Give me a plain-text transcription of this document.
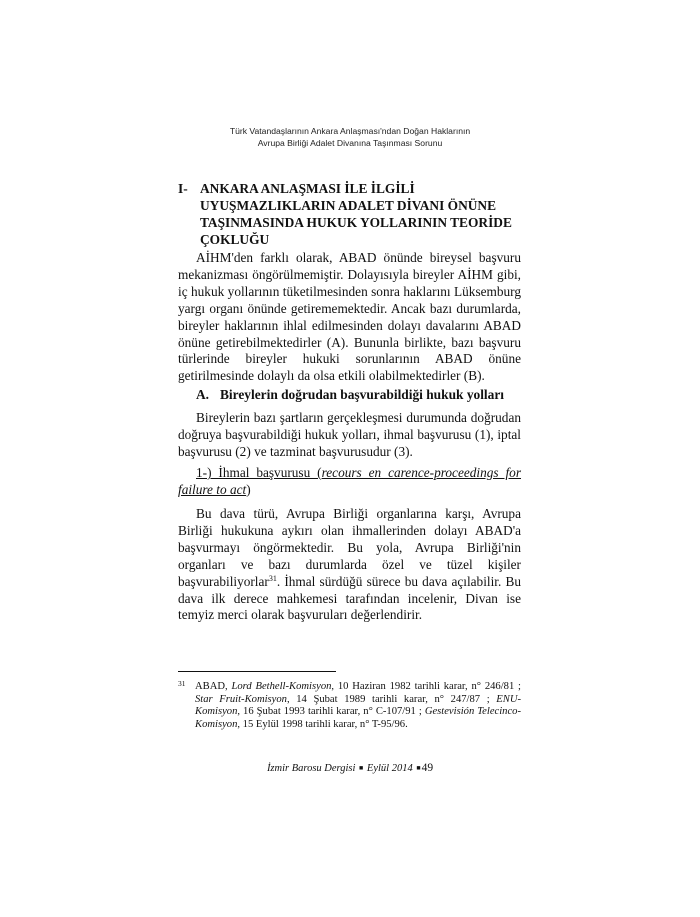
Türk Vatandaşlarının Ankara Anlaşması'ndan Doğan Haklarının
Avrupa Birliği Adalet Divanına Taşınması Sorunu
I- ANKARA ANLAŞMASI İLE İLGİLİ
UYUŞMAZLIKLARIN ADALET DİVANI ÖNÜNE
TAŞINMASINDA HUKUK YOLLARININ TEORİDE
ÇOKLUĞU

AİHM'den farklı olarak, ABAD önünde bireysel başvuru mekanizması öngörülmemiştir. Dolayısıyla bireyler AİHM gibi, iç hukuk yollarının tüketilmesinden sonra haklarını Lüksemburg yargı organı önünde getirememektedir. Ancak bazı durumlarda, bireyler haklarının ihlal edilmesinden dolayı davalarını ABAD önüne getirebilmektedirler (A). Bununla birlikte, bazı başvuru türlerinde bireyler hukuki sorunlarının ABAD önüne getirilmesinde dolaylı da olsa etkili olabilmektedirler (B).

A. Bireylerin doğrudan başvurabildiği hukuk yolları

Bireylerin bazı şartların gerçekleşmesi durumunda doğrudan doğruya başvurabildiği hukuk yolları, ihmal başvurusu (1), iptal başvurusu (2) ve tazminat başvurusudur (3).

1-) İhmal başvurusu (recours en carence-proceedings for failure to act)

Bu dava türü, Avrupa Birliği organlarına karşı, Avrupa Birliği hukukuna aykırı olan ihmallerinden dolayı ABAD'a başvurmayı öngörmektedir. Bu yola, Avrupa Birliği'nin organları ve bazı durumlarda özel ve tüzel kişiler başvurabiliyorlar$^{31}$. İhmal sürdüğü sürece bu dava açılabilir. Bu dava ilk derece mahkemesi tarafından incelenir, Divan ise temyiz merci olarak başvuruları değerlendirir.

31 ABAD, Lord Bethell-Komisyon, 10 Haziran 1982 tarihli karar, n° 246/81 ; Star Fruit-Komisyon, 14 Şubat 1989 tarihli karar, n° 247/87 ; ENU-Komisyon, 16 Şubat 1993 tarihli karar, n° C-107/91 ; Gestevisión Telecinco-Komisyon, 15 Eylül 1998 tarihli karar, n° T-95/96.
İzmir Barosu Dergisi ■ Eylül 2014 ■49
